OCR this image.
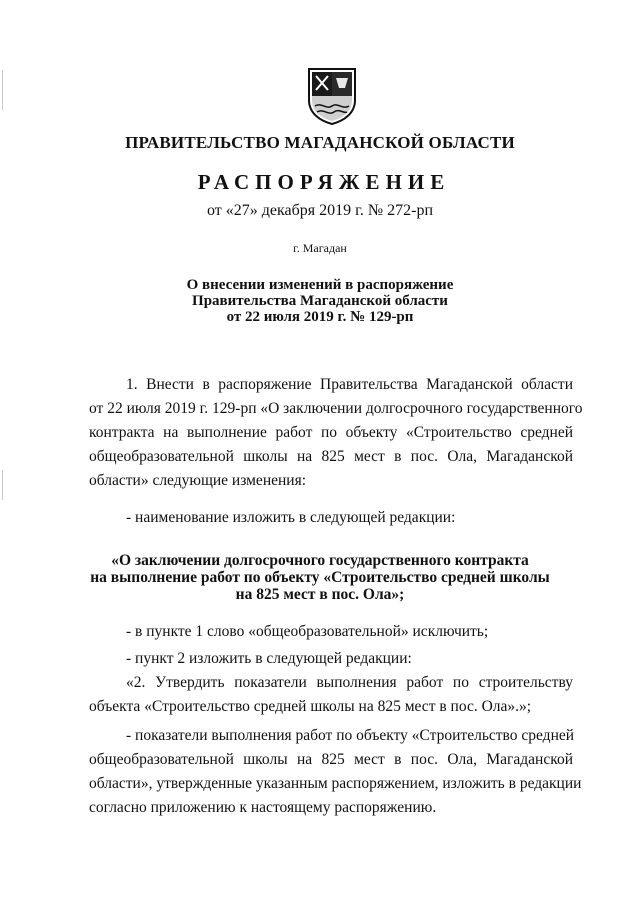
ПРАВИТЕЛЬСТВО МАГАДАНСКОЙ ОБЛАСТИ
РАСПОРЯЖЕНИЕ
от «27» декабря 2019 г. № 272-рп
г. Магадан
О внесении изменений в распоряжение
Правительства Магаданской области
от 22 июля 2019 г. № 129-рп
1. Внести в распоряжение Правительства Магаданской области
от 22 июля 2019 г. 129-рп «О заключении долгосрочного государственного
контракта на выполнение работ по объекту «Строительство средней
общеобразовательной школы на 825 мест в пос. Ола, Магаданской
области» следующие изменения:
- наименование изложить в следующей редакции:
«О заключении долгосрочного государственного контракта
на выполнение работ по объекту «Строительство средней школы
на 825 мест в пос. Ола»;
- в пункте 1 слово «общеобразовательной» исключить;
- пункт 2 изложить в следующей редакции:
«2. Утвердить показатели выполнения работ по строительству
объекта «Строительство средней школы на 825 мест в пос. Ола».»;
- показатели выполнения работ по объекту «Строительство средней
общеобразовательной школы на 825 мест в пос. Ола, Магаданской
области», утвержденные указанным распоряжением, изложить в редакции
согласно приложению к настоящему распоряжению.
